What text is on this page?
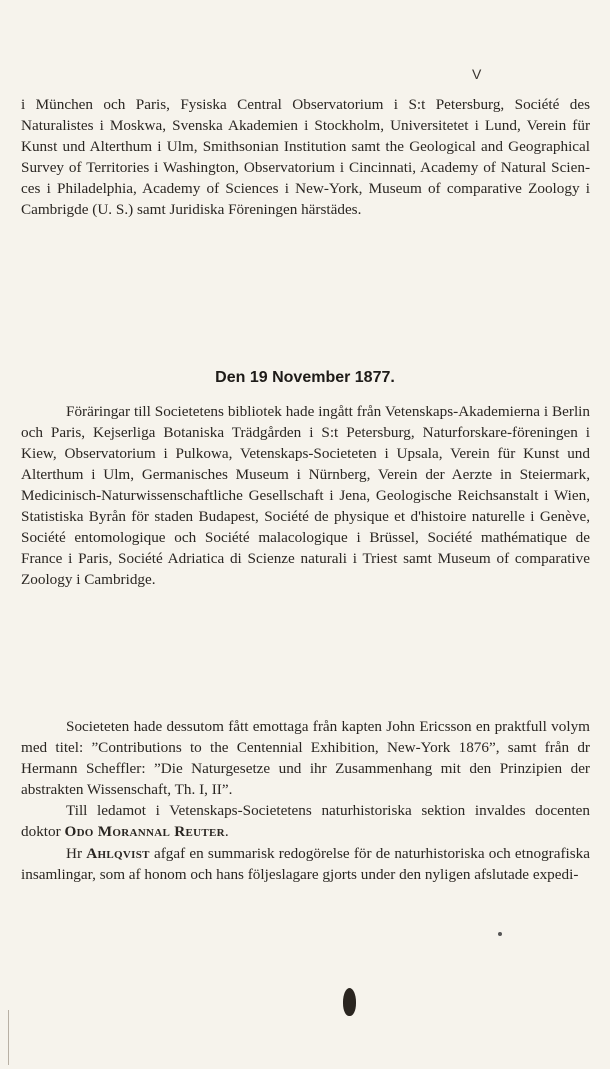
V

i München och Paris, Fysiska Central Observatorium i S:t Petersburg, Société des Naturalistes i Moskwa, Svenska Akademien i Stockholm, Universitetet i Lund, Verein für Kunst und Alterthum i Ulm, Smithsonian Institution samt the Geological and Geographical Survey of Territories i Washington, Observatorium i Cincinnati, Academy of Natural Sciences i Philadelphia, Academy of Sciences i New-York, Museum of comparative Zoology i Cambrigde (U. S.) samt Juridiska Föreningen härstädes.

Den 19 November 1877.

Föräringar till Societetens bibliotek hade ingått från Vetenskaps-Akademierna i Berlin och Paris, Kejserliga Botaniska Trädgården i S:t Petersburg, Naturforskare-föreningen i Kiew, Observatorium i Pulkowa, Vetenskaps-Societeten i Upsala, Verein für Kunst und Alterthum i Ulm, Germanisches Museum i Nürnberg, Verein der Aerzte in Steiermark, Medicinisch-Naturwissenschaftliche Gesellschaft i Jena, Geologische Reichsanstalt i Wien, Statistiska Byrån för staden Budapest, Société de physique et d'histoire naturelle i Genève, Société entomologique och Société malacologique i Brüssel, Société mathématique de France i Paris, Société Adriatica di Scienze naturali i Triest samt Museum of comparative Zoology i Cambridge.

Societeten hade dessutom fått emottaga från kapten John Ericsson en praktfull volym med titel: ”Contributions to the Centennial Exhibition, New-York 1876”, samt från dr Hermann Scheffler: ”Die Naturgesetze und ihr Zusammenhang mit den Prinzipien der abstrakten Wissenschaft, Th. I, II”.

Till ledamot i Vetenskaps-Societetens naturhistoriska sektion invaldes docenten doktor Odo Morannal Reuter.

Hr Ahlqvist afgaf en summarisk redogörelse för de naturhistoriska och etnografiska insamlingar, som af honom och hans följeslagare gjorts under den nyligen afslutade expedi-
